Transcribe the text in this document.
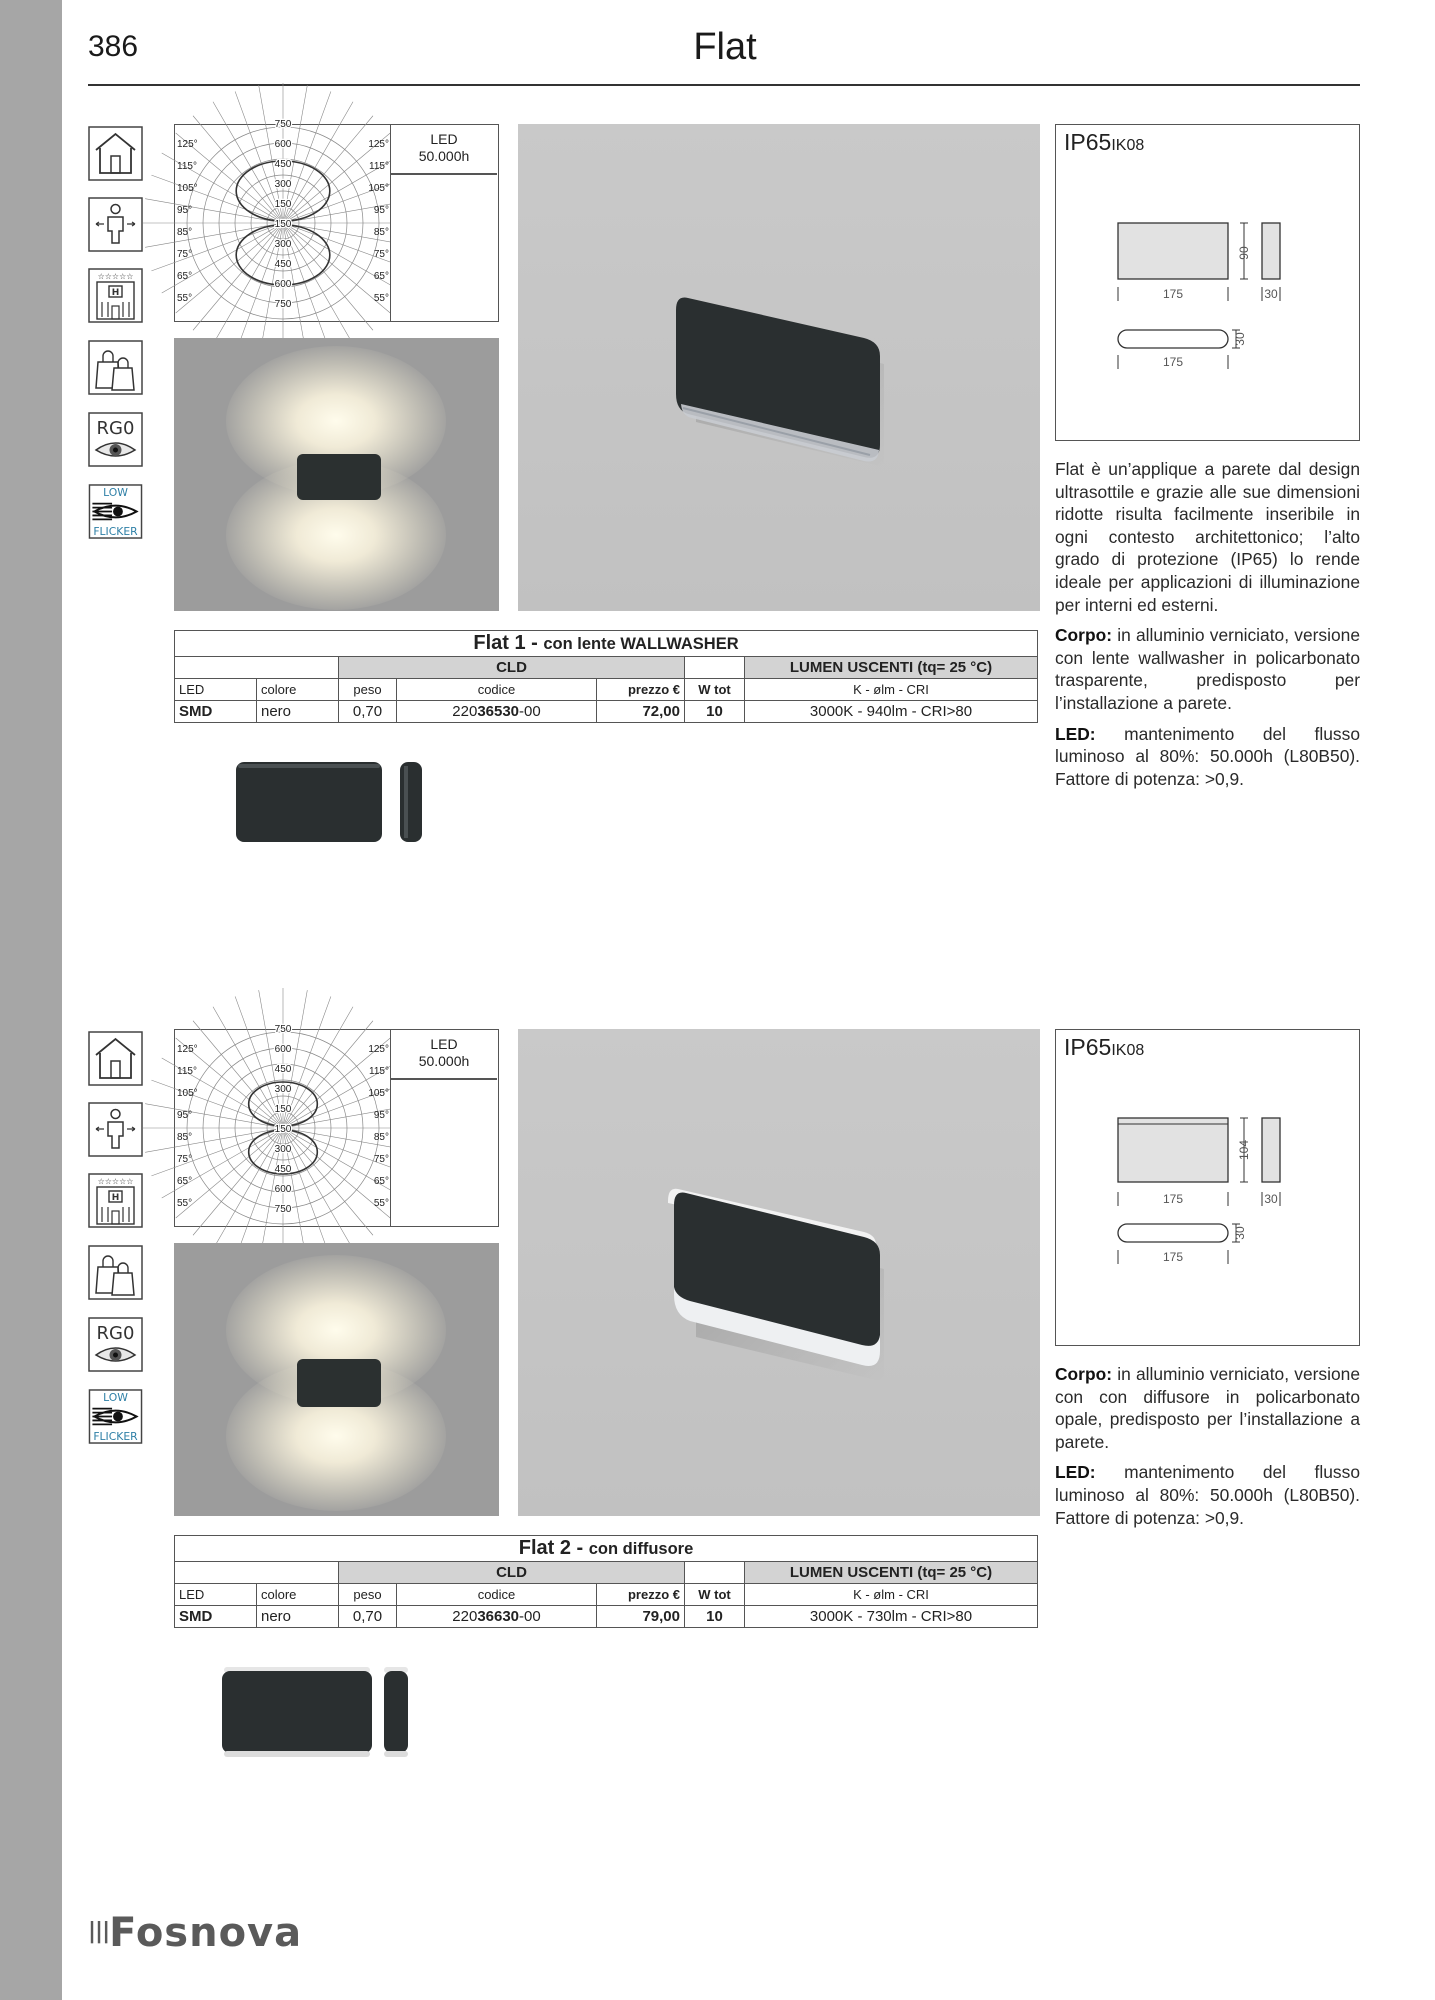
386	Flat
☆☆☆☆☆
H
RG0
LOW
FLICKER
125°
115°
105°
95°
85°
75°
65°
55°
125°
115°
105°
95°
85°
75°
65°
55°
750
600
450
300
150
150
300
450
600
750
LED
50.000h
IP65IK08
90
175	30
30
175

Flat è un’applique a parete dal design ultrasottile e grazie alle sue dimensioni ridotte risulta facilmente inseribile in ogni contesto architettonico; l’alto grado di protezione (IP65) lo rende ideale per applicazioni di illuminazione per interni ed esterni.

Corpo: in alluminio verniciato, versione con lente wallwasher in policarbonato trasparente, predisposto per l’installazione a parete.

LED: mantenimento del flusso luminoso al 80%: 50.000h (L80B50). Fattore di potenza: >0,9.

Flat 1 - con lente WALLWASHER						
		CLD				LUMEN USCENTI (tq= 25 °C)
LED	colore	peso	codice	prezzo €	W tot	K - ølm - CRI
SMD	nero	0,70	22036530-00	72,00	10	3000K - 940lm - CRI>80
☆☆☆☆☆
H
RG0
LOW
FLICKER
125°
115°
105°
95°
85°
75°
65°
55°
125°
115°
105°
95°
85°
75°
65°
55°
750
600
450
300
150
150
300
450
600
750
LED
50.000h
IP65IK08
104
175	30
30
175

Corpo: in alluminio verniciato, versione con con diffusore in policarbonato opale, predisposto per l’installazione a parete.

LED: mantenimento del flusso luminoso al 80%: 50.000h (L80B50). Fattore di potenza: >0,9.

Flat 2 - con diffusore						
		CLD				LUMEN USCENTI (tq= 25 °C)
LED	colore	peso	codice	prezzo €	W tot	K - ølm - CRI
SMD	nero	0,70	22036630-00	79,00	10	3000K - 730lm - CRI>80
|||Fosnova
